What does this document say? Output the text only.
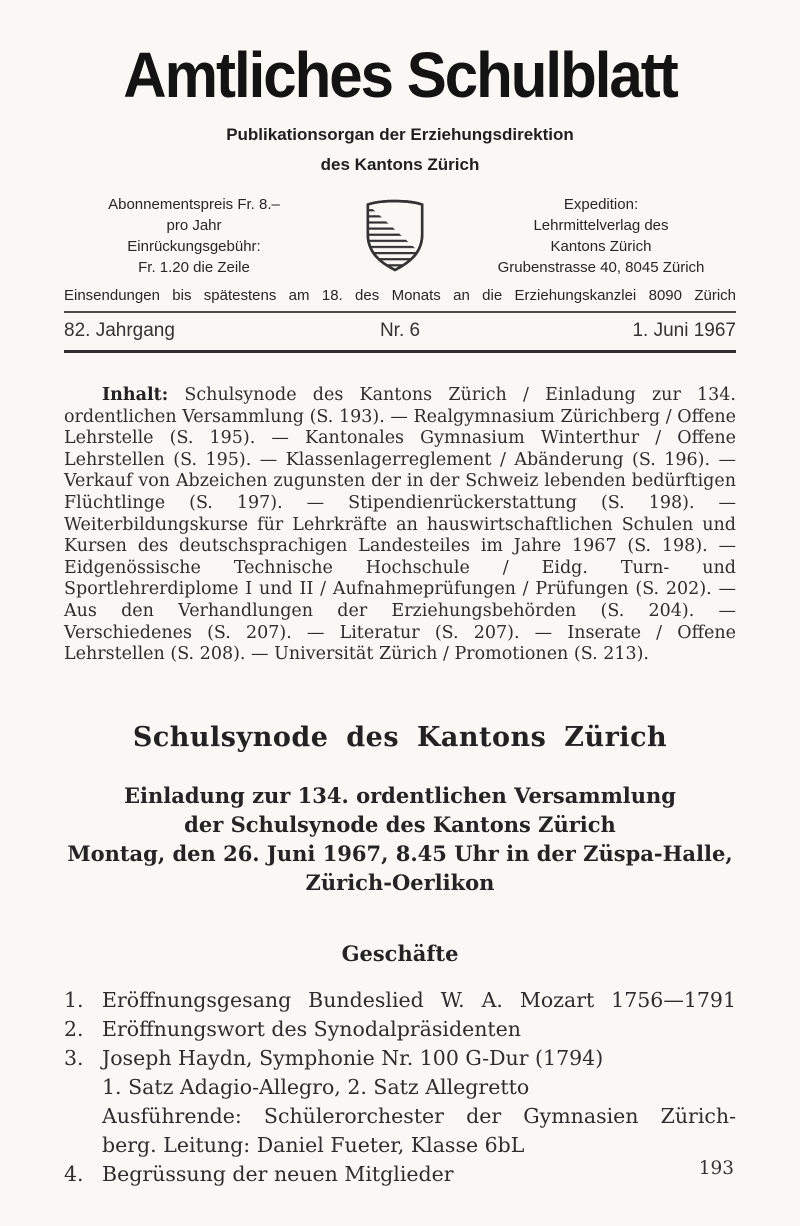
Amtliches Schulblatt
Publikationsorgan der Erziehungsdirektion
des Kantons Zürich
Abonnementspreis Fr. 8.–
pro Jahr
Einrückungsgebühr:
Fr. 1.20 die Zeile
Expedition:
Lehrmittelverlag des
Kantons Zürich
Grubenstrasse 40, 8045 Zürich
Einsendungen bis spätestens am 18. des Monats an die Erziehungskanzlei 8090 Zürich
82. Jahrgang	Nr. 6	1. Juni 1967

Inhalt: Schulsynode des Kantons Zürich / Einladung zur 134. ordentlichen Versammlung (S. 193). — Realgymnasium Zürichberg / Offene Lehrstelle (S. 195). — Kantonales Gymnasium Winterthur / Offene Lehrstellen (S. 195). — Klassenlagerreglement / Abänderung (S. 196). — Verkauf von Abzeichen zugunsten der in der Schweiz lebenden bedürftigen Flüchtlinge (S. 197). — Stipendienrückerstattung (S. 198). — Weiterbildungskurse für Lehrkräfte an hauswirtschaftlichen Schulen und Kursen des deutschsprachigen Landesteiles im Jahre 1967 (S. 198). — Eidgenössische Technische Hochschule / Eidg. Turn- und Sportlehrerdiplome I und II / Aufnahmeprüfungen / Prüfungen (S. 202). — Aus den Verhandlungen der Erziehungsbehörden (S. 204). — Verschiedenes (S. 207). — Literatur (S. 207). — Inserate / Offene Lehrstellen (S. 208). — Universität Zürich / Promotionen (S. 213).

Schulsynode des Kantons Zürich
Einladung zur 134. ordentlichen Versammlung
der Schulsynode des Kantons Zürich
Montag, den 26. Juni 1967, 8.45 Uhr in der Züspa-Halle,
Zürich-Oerlikon
Geschäfte
1. Eröffnungsgesang Bundeslied W. A. Mozart 1756—1791
2. Eröffnungswort des Synodalpräsidenten
3. Joseph Haydn, Symphonie Nr. 100 G-Dur (1794)
1. Satz Adagio-Allegro, 2. Satz Allegretto
Ausführende: Schülerorchester der Gymnasien Zürich-
berg. Leitung: Daniel Fueter, Klasse 6bL
4. Begrüssung der neuen Mitglieder	193
